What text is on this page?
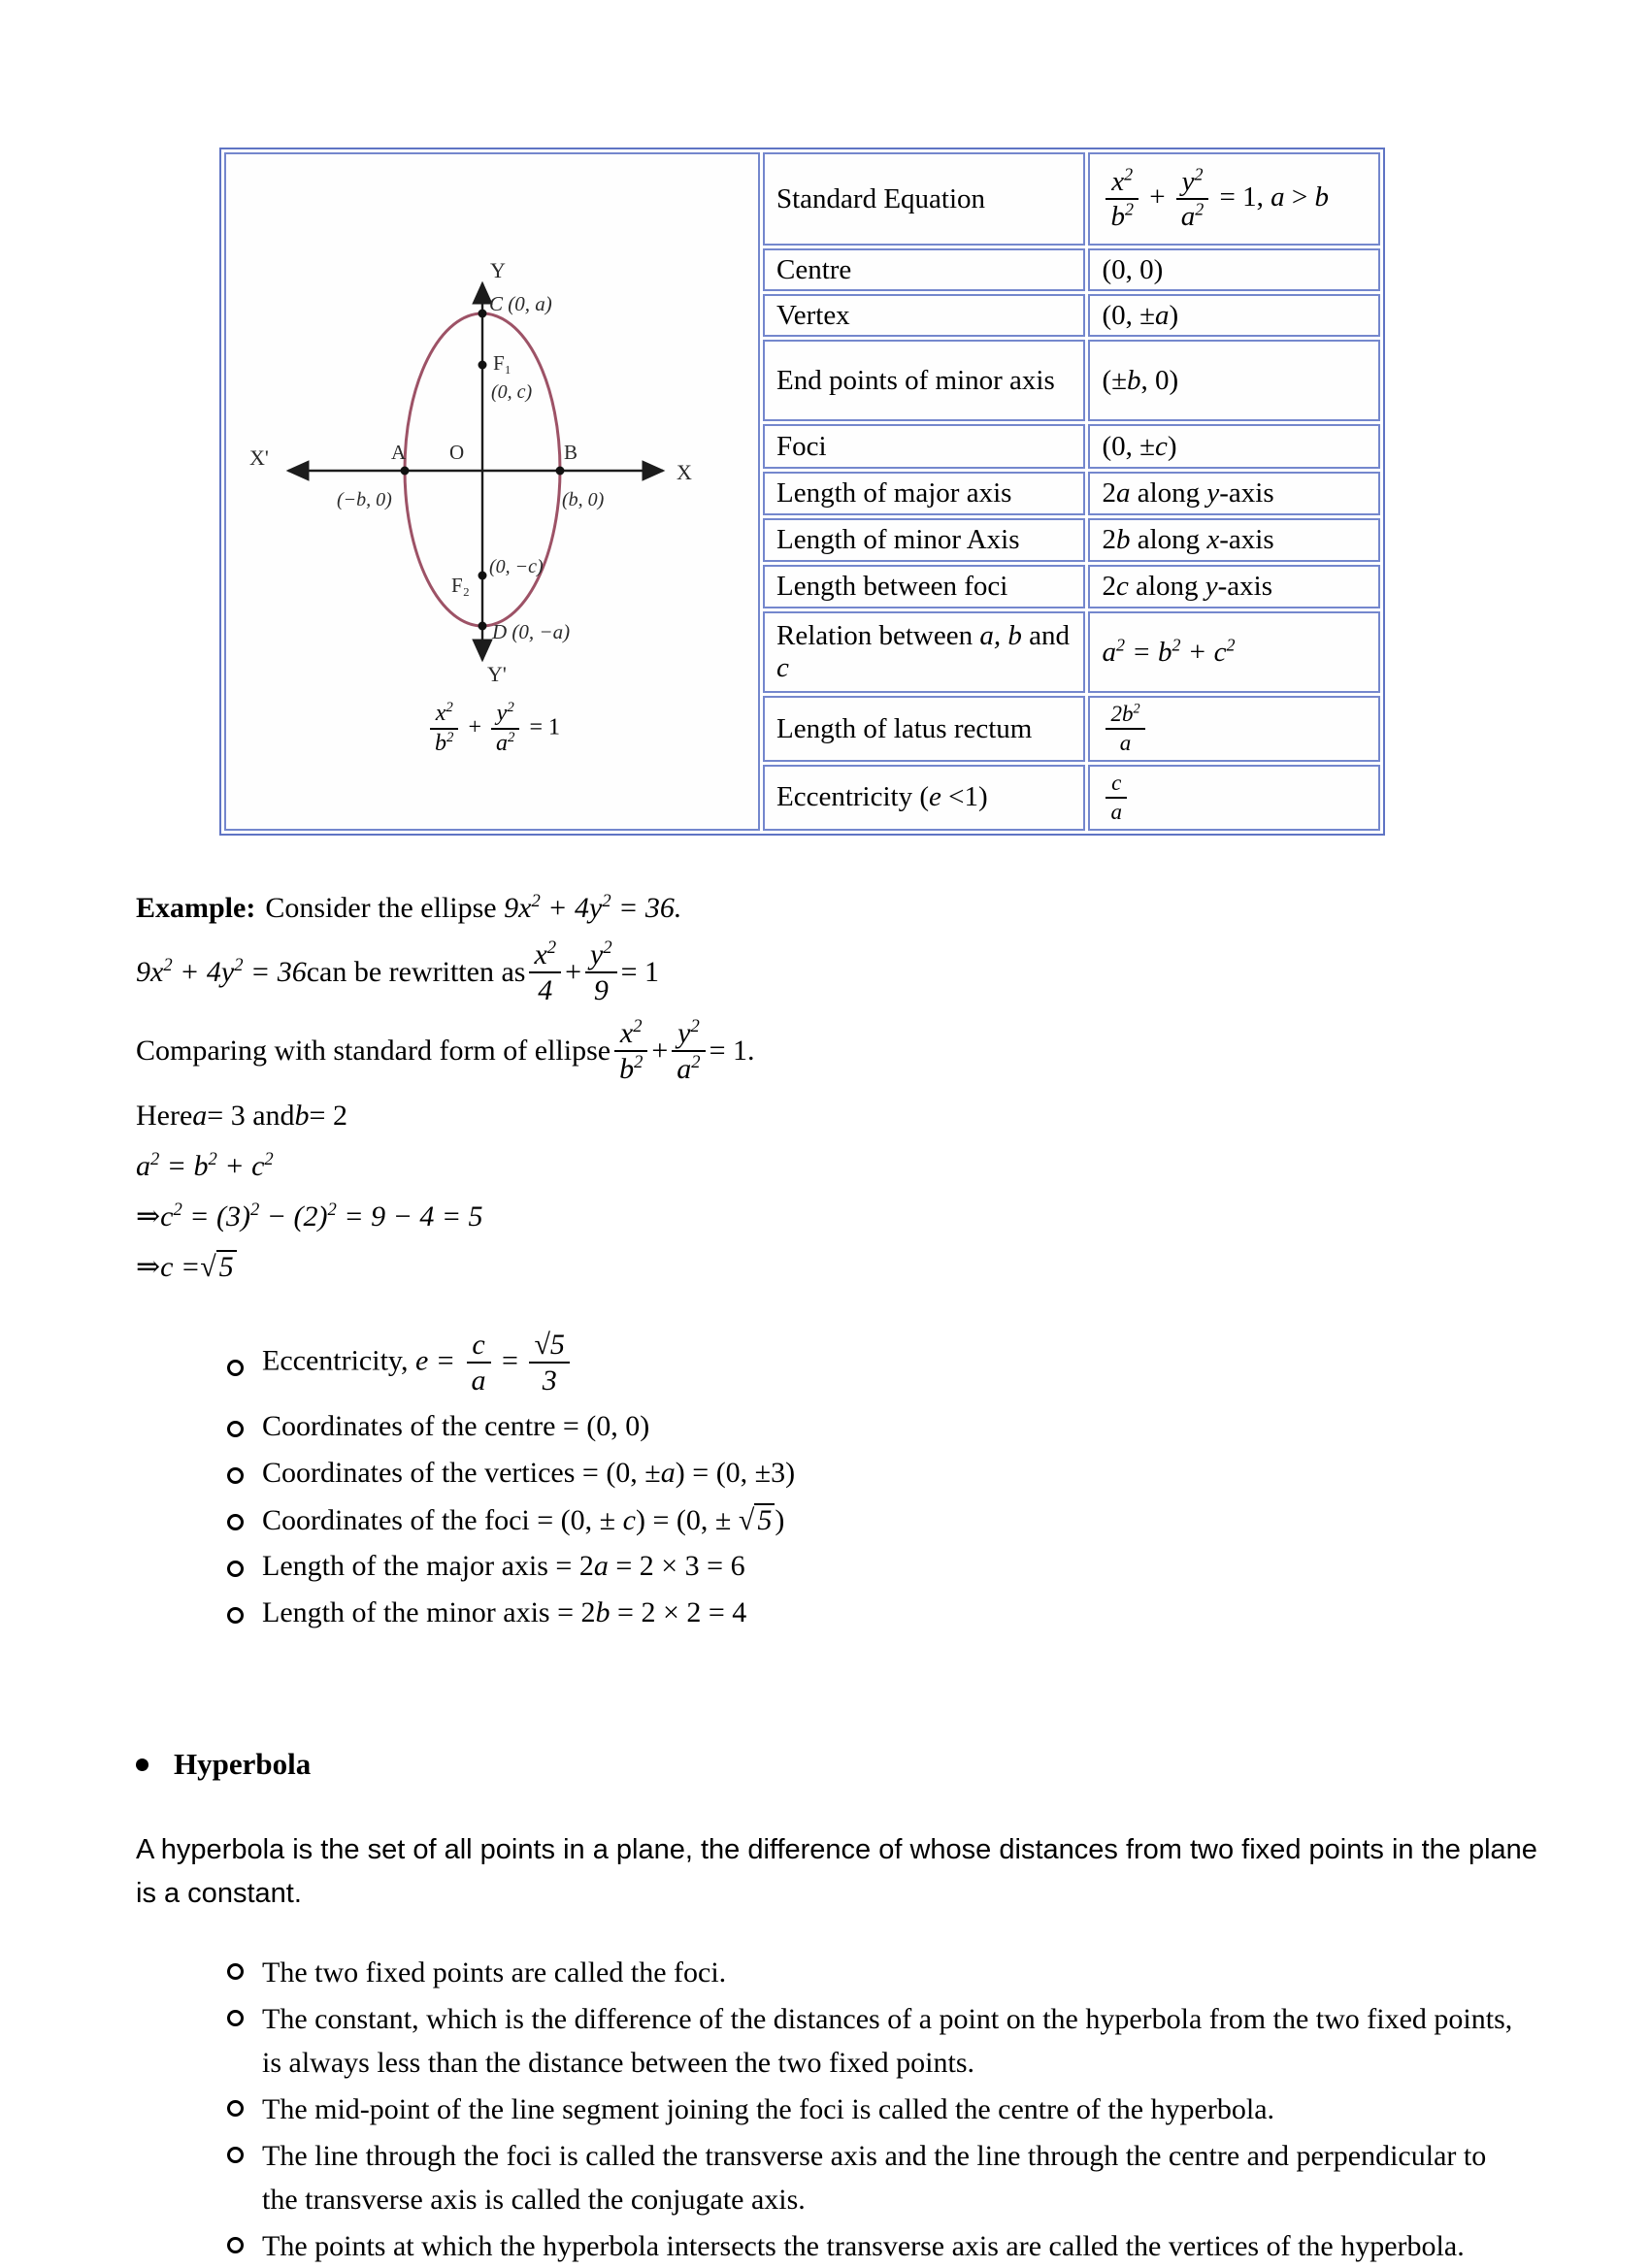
Y
C (0, a)
F₁
(0, c)
X'	A
(−b, 0)
O	B
(b, 0)
X
F₂
(0, −c)
D (0, −a)
Y'
$\frac{x^2}{b^2} + \frac{y^2}{a^2} = 1$
	Standard Equation	$\frac{x^2}{b^2} + \frac{y^2}{a^2} = 1$, a > b
	Centre	(0, 0)
	Vertex	(0, ±a)
	End points of minor axis	(±b, 0)
	Foci	(0, ±c)
	Length of major axis	2a along y-axis
	Length of minor Axis	2b along x-axis
	Length between foci	2c along y-axis
	Relation between a, b and c	$a^2 = b^2 + c^2$
	Length of latus rectum	$\frac{2b^2}{a}$

	Eccentricity (e <1)	$\frac{c}{a}$
Example: Consider the ellipse $9x^2 + 4y^2 = 36$.
$9x^2 + 4y^2 = 36$ can be rewritten as $\frac{x^2}{4} + \frac{y^2}{9} = 1$
Comparing with standard form of ellipse $\frac{x^2}{b^2} + \frac{y^2}{a^2} = 1$.
Here a = 3 and b = 2
$a^2 = b^2 + c^2$
⇒ $c^2 = (3)^2 - (2)^2 = 9 - 4 = 5$
⇒ c = √ 5
Eccentricity, $e = \frac{c}{a} = \frac{√5}{3}$
Coordinates of the centre = (0, 0)
Coordinates of the vertices = (0, ±a) = (0, ±3)
Coordinates of the foci = (0, ± c) = (0, ± √ 5 )
Length of the major axis = 2a = 2 × 3 = 6
Length of the minor axis = 2b = 2 × 2 = 4
Hyperbola
A hyperbola is the set of all points in a plane, the difference of whose distances from two fixed points in the plane is a constant.
The two fixed points are called the foci.
The constant, which is the difference of the distances of a point on the hyperbola from the two fixed points, is always less than the distance between the two fixed points.
The mid-point of the line segment joining the foci is called the centre of the hyperbola.
The line through the foci is called the transverse axis and the line through the centre and perpendicular to the transverse axis is called the conjugate axis.
The points at which the hyperbola intersects the transverse axis are called the vertices of the hyperbola.
